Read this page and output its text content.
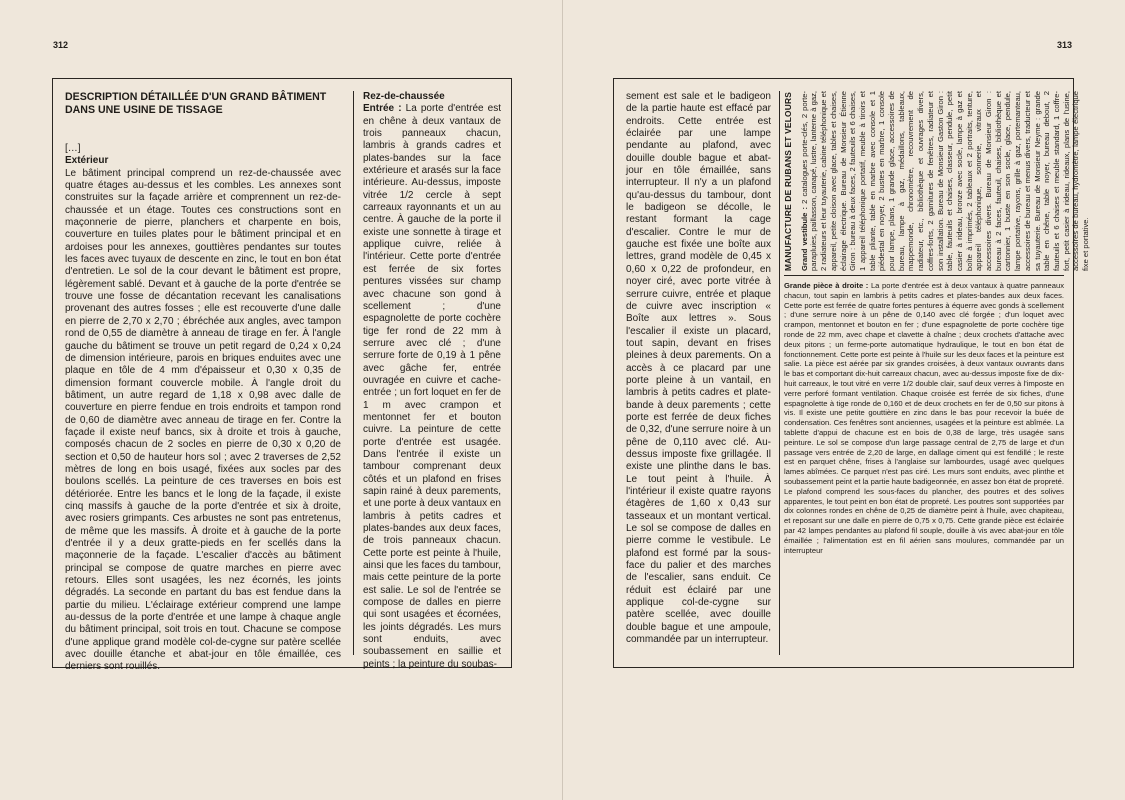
312

DESCRIPTION DÉTAILLÉE D'UN GRAND BÂTIMENT DANS UNE USINE DE TISSAGE

[…]

Extérieur

Le bâtiment principal comprend un rez-de-chaussée avec quatre étages au-dessus et les combles. Les annexes sont construites sur la façade arrière et comprennent un rez-de-chaussée et un étage. Toutes ces constructions sont en maçonnerie de pierre, planchers et charpente en bois, couverture en tuiles plates pour le bâtiment principal et en ardoises pour les annexes, gouttières pendantes sur toutes les faces avec tuyaux de descente en zinc, le tout en bon état d'entretien. Le sol de la cour devant le bâtiment est propre, légèrement sablé. Devant et à gauche de la porte d'entrée se trouve une fosse de décantation recevant les canalisations provenant des autres fosses ; elle est recouverte d'une dalle en pierre de 2,70 x 2,70 ; ébréchée aux angles, avec tampon rond de 0,55 de diamètre à anneau de tirage en fer. À l'angle gauche du bâtiment se trouve un petit regard de 0,24 x 0,24 de dimension intérieure, parois en briques enduites avec une plaque en tôle de 4 mm d'épaisseur et 0,30 x 0,35 de dimension formant couvercle mobile. À l'angle droit du bâtiment, un autre regard de 1,18 x 0,98 avec dalle de couverture en pierre fendue en trois endroits et tampon rond de 0,60 de diamètre avec anneau de tirage en fer. Contre la façade il existe neuf bancs, six à droite et trois à gauche, composés chacun de 2 socles en pierre de 0,30 x 0,20 de section et 0,50 de hauteur hors sol ; avec 2 traverses de 2,52 mètres de long en bois usagé, fixées aux socles par des boulons scellés. La peinture de ces traverses en bois est détériorée. Entre les bancs et le long de la façade, il existe cinq massifs à gauche de la porte d'entrée et six à droite, avec rosiers grimpants. Ces arbustes ne sont pas entretenus, de même que les massifs. À droite et à gauche de la porte d'entrée il y a deux gratte-pieds en fer scellés dans la maçonnerie de la façade. L'escalier d'accès au bâtiment principal se compose de quatre marches en pierre avec retours. Elles sont usagées, les nez écornés, les joints dégradés. La seconde en partant du bas est fendue dans la partie du milieu. L'éclairage extérieur comprend une lampe au-dessus de la porte d'entrée et une lampe à chaque angle du bâtiment principal, soit trois en tout. Chacune se compose d'une applique grand modèle col-de-cygne sur patère scellée avec douille étanche et abat-jour en tôle émaillée, ces derniers sont rouillés.

Rez-de-chaussée

Entrée : La porte d'entrée est en chêne à deux vantaux de trois panneaux chacun, lambris à grands cadres et plates-bandes sur la face extérieure et arasés sur la face intérieure. Au-dessus, imposte vitrée 1/2 cercle à sept carreaux rayonnants et un au centre. À gauche de la porte il existe une sonnette à tirage et applique cuivre, reliée à l'intérieur. Cette porte d'entrée est ferrée de six fortes pentures vissées sur champ avec chacune son gond à scellement ; d'une espagnolette de porte cochère tige fer rond de 22 mm à serrure avec clé ; d'une serrure forte de 0,19 à 1 pêne avec gâche fer, entrée ouvragée en cuivre et cache-entrée ; un fort loquet en fer de 1 m avec crampon et mentonnet fer et bouton cuivre. La peinture de cette porte d'entrée est usagée. Dans l'entrée il existe un tambour comprenant deux côtés et un plafond en frises sapin rainé à deux parements, et une porte à deux vantaux en lambris à petits cadres et plates-bandes aux deux faces, de trois panneaux chacun. Cette porte est peinte à l'huile, ainsi que les faces du tambour, mais cette peinture de la porte est salie. Le sol de l'entrée se compose de dalles en pierre qui sont usagées et écornées, les joints dégradés. Les murs sont enduits, avec soubassement en saillie et peints ; la peinture du soubas-

313

sement est sale et le badigeon de la partie haute est effacé par endroits. Cette entrée est éclairée par une lampe pendante au plafond, avec douille double bague et abat-jour en tôle émaillée, sans interrupteur. Il n'y a un plafond qu'au-dessus du tambour, dont le badigeon se décolle, le restant formant la cage d'escalier. Contre le mur de gauche est fixée une boîte aux lettres, grand modèle de 0,45 x 0,60 x 0,22 de profondeur, en noyer ciré, avec porte vitrée à serrure cuivre, entrée et plaque de cuivre avec inscription « Boîte aux lettres ». Sous l'escalier il existe un placard, tout sapin, devant en frises pleines à deux parements. On a accès à ce placard par une porte pleine à un vantail, en lambris à petits cadres et plate-bande à deux parements ; cette porte est ferrée de deux fiches de 0,32, d'une serrure noire à un pêne de 0,110 avec clé. Au-dessus imposte fixe grillagée. Il existe une plinthe dans le bas. Le tout peint à l'huile. À l'intérieur il existe quatre rayons étagères de 1,60 x 0,43 sur tasseaux et un montant vertical. Le sol se compose de dalles en pierre comme le vestibule. Le plafond est formé par la sous-face du palier et des marches de l'escalier, sans enduit. Ce réduit est éclairé par une applique col-de-cygne sur patère scellée, avec douille double bague et une ampoule, commandée par un interrupteur.

MANUFACTURE DE RUBANS ET VELOURS Grand vestibule : 2 catalogues porte-clés, 2 porte-parapluies, paillasson, canapé, lustre, lanterne à gaz, 2 radiateurs et leur tuyauterie, cabine téléphonique et appareil, petite cloison avec glace, tables et chaises, éclairage électrique. Bureau de Monsieur Étienne Giron : bureau à deux faces, 2 fauteuils et 6 chaises, 1 appareil téléphonique portatif, meuble à tiroirs et table pliante, table en marbre avec console et 1 piédestal en noyer, 2 bustes en marbre, 1 console pour lampe, plans, 1 grande glace, accessoires de bureau, lampe à gaz, médaillons, tableaux, mappemonde, chronomètre, recouvrement de radiateur, etc., bibliothèque et ouvrages divers, coffres-forts, 2 garnitures de fenêtres, radiateur et son installation. Bureau de Monsieur Gaston Giron : table, fauteuils et chaises, classeur, pendule, petit casier à rideau, bronze avec socle, lampe à gaz et boîte à imprimés, 2 tableaux et 2 portraits, tenture, appareil téléphonique, sonnerie, vitraux et accessoires divers. Bureau de Monsieur Giron : bureau à 2 faces, fauteuil, chaises, bibliothèque et cartonnier, 1 buste en son socle, glace, pendule, lampe portative, rayons, grille à gaz, portemanteau, accessoires de bureau et menus divers, traducteur et sa tuyauterie. Bureau de Monsieur Neyme : grande table en chêne, table noyer, bureau debout, 2 fauteuils et 6 chaises et meuble standard, 1 coffre-fort, petit casier à rideau, rideaux, plans de l'usine, accessoires de bureau, hydromètre, lampe électrique fixe et portative.

Grande pièce à droite : La porte d'entrée est à deux vantaux à quatre panneaux chacun, tout sapin en lambris à petits cadres et plates-bandes aux deux faces. Cette porte est ferrée de quatre fortes pentures à équerre avec gonds à scellement ; d'une serrure noire à un pêne de 0,140 avec clé forgée ; d'un loquet avec crampon, mentonnet et bouton en fer ; d'une espagnolette de porte cochère tige ronde de 22 mm, avec chape et clavette à chaîne ; deux crochets d'attache avec deux pitons ; un ferme-porte automatique hydraulique, le tout en bon état de fonctionnement. Cette porte est peinte à l'huile sur les deux faces et la peinture est salie. La pièce est aérée par six grandes croisées, à deux vantaux ouvrants dans le bas et comportant dix-huit carreaux chacun, avec au-dessus imposte fixe de dix-huit carreaux, le tout vitré en verre 1/2 double clair, sauf deux verres à l'imposte en verre perforé formant ventilation. Chaque croisée est ferrée de six fiches, d'une espagnolette à tige ronde de 0,160 et de deux crochets en fer de 0,50 sur pitons à vis. Il existe une petite gouttière en zinc dans le bas pour recevoir la buée de condensation. Ces fenêtres sont anciennes, usagées et la peinture est abîmée. La tablette d'appui de chacune est en bois de 0,38 de large, très usagée sans peinture. Le sol se compose d'un large passage central de 2,75 de large et d'un passage vers entrée de 2,20 de large, en dallage ciment qui est fendillé ; le reste est en parquet chêne, frises à l'anglaise sur lambourdes, usagé avec quelques lames abîmées. Ce parquet n'est pas ciré. Les murs sont enduits, avec plinthe et soubassement peint et la partie haute badigeonnée, en assez bon état de propreté. Le plafond comprend les sous-faces du plancher, des poutres et des solives apparentes, le tout peint en bon état de propreté. Les poutres sont supportées par dix colonnes rondes en chêne de 0,25 de diamètre peint à l'huile, avec chapiteau, et reposant sur une dalle en pierre de 0,75 x 0,75. Cette grande pièce est éclairée par 42 lampes pendantes au plafond fil souple, douille à vis avec abat-jour en tôle émaillée ; l'alimentation est en fil aérien sans moulures, commandée par un interrupteur
